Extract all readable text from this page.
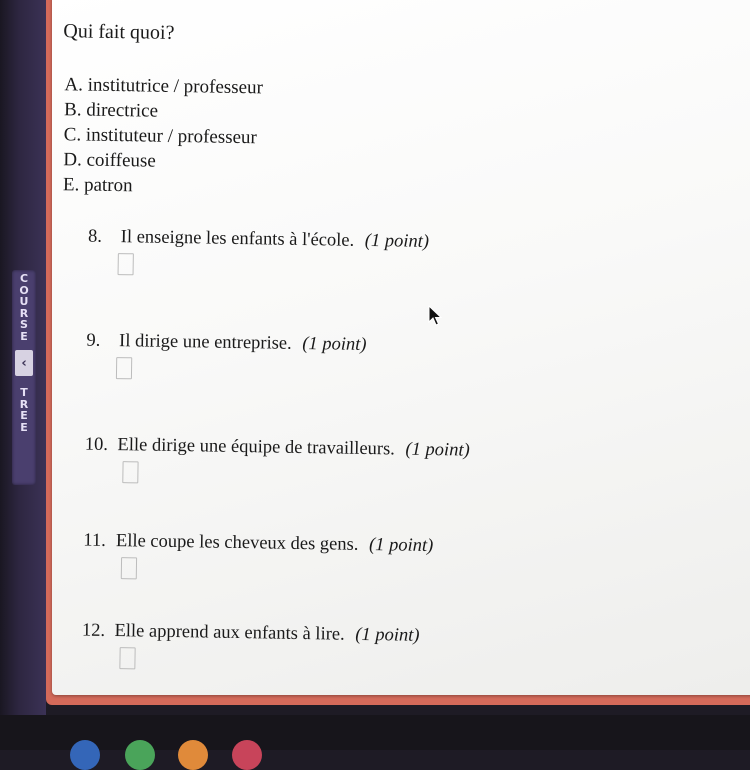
C
O
U
R
S
E
‹
T
R
E
E
Qui fait quoi?
A. institutrice / professeur
B. directrice
C. instituteur / professeur
D. coiffeuse
E. patron
8. Il enseigne les enfants à l'école. (1 point)
9. Il dirige une entreprise. (1 point)
10. Elle dirige une équipe de travailleurs. (1 point)
11. Elle coupe les cheveux des gens. (1 point)
12. Elle apprend aux enfants à lire. (1 point)
